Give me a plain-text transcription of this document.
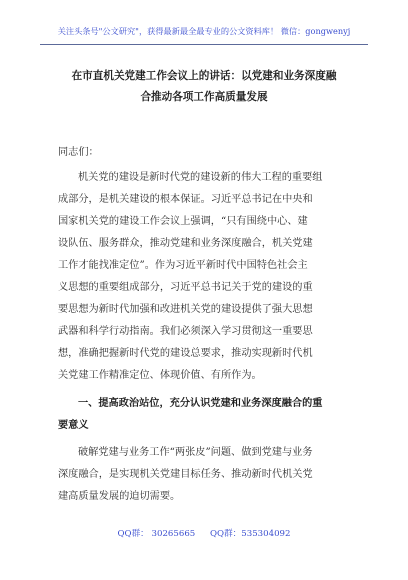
关注头条号"公文研究"，获得最新最全最专业的公文资料库！ 微信：gongwenyj
在市直机关党建工作会议上的讲话：以党建和业务深度融
合推动各项工作高质量发展
同志们：
机关党的建设是新时代党的建设新的伟大工程的重要组
成部分，是机关建设的根本保证。习近平总书记在中央和
国家机关党的建设工作会议上强调，“只有围绕中心、建
设队伍、服务群众，推动党建和业务深度融合，机关党建
工作才能找准定位”。作为习近平新时代中国特色社会主
义思想的重要组成部分，习近平总书记关于党的建设的重
要思想为新时代加强和改进机关党的建设提供了强大思想
武器和科学行动指南。我们必须深入学习贯彻这一重要思
想，准确把握新时代党的建设总要求，推动实现新时代机
关党建工作精准定位、体现价值、有所作为。
一、提高政治站位，充分认识党建和业务深度融合的重
要意义
破解党建与业务工作“两张皮”问题、做到党建与业务
深度融合，是实现机关党建目标任务、推动新时代机关党
建高质量发展的迫切需要。
QQ群： 30265665 QQ群：535304092
